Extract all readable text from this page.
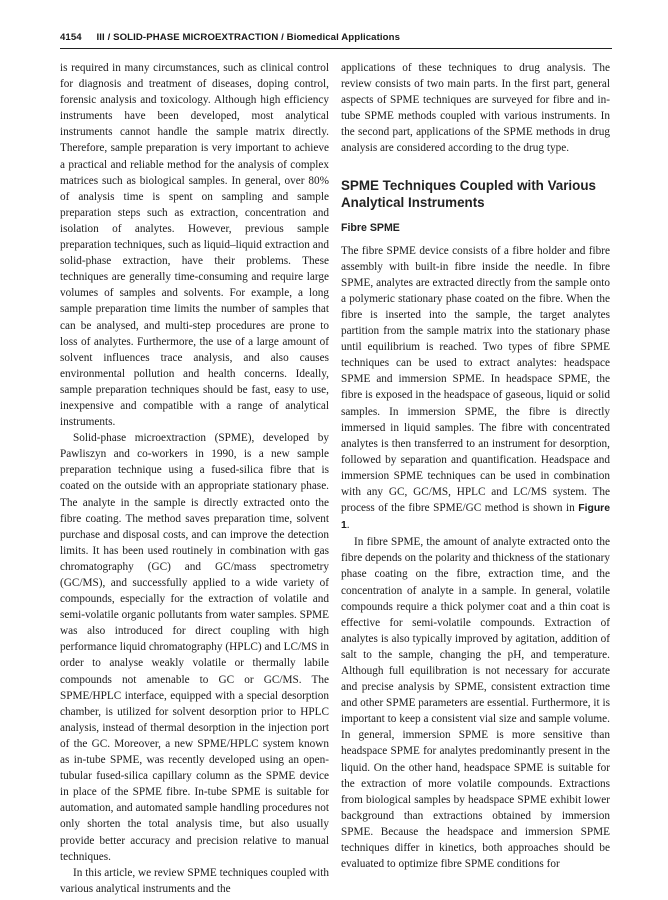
4154 III / SOLID-PHASE MICROEXTRACTION / Biomedical Applications

is required in many circumstances, such as clinical control for diagnosis and treatment of diseases, doping control, forensic analysis and toxicology. Although high efficiency instruments have been developed, most analytical instruments cannot handle the sample matrix directly. Therefore, sample preparation is very important to achieve a practical and reliable method for the analysis of complex matrices such as biological samples. In general, over 80% of analysis time is spent on sampling and sample preparation steps such as extraction, concentration and isolation of analytes. However, previous sample preparation techniques, such as liquid–liquid extraction and solid-phase extraction, have their problems. These techniques are generally time-consuming and require large volumes of samples and solvents. For example, a long sample preparation time limits the number of samples that can be analysed, and multi-step procedures are prone to loss of analytes. Furthermore, the use of a large amount of solvent influences trace analysis, and also causes environmental pollution and health concerns. Ideally, sample preparation techniques should be fast, easy to use, inexpensive and compatible with a range of analytical instruments.

Solid-phase microextraction (SPME), developed by Pawliszyn and co-workers in 1990, is a new sample preparation technique using a fused-silica fibre that is coated on the outside with an appropriate stationary phase. The analyte in the sample is directly extracted onto the fibre coating. The method saves preparation time, solvent purchase and disposal costs, and can improve the detection limits. It has been used routinely in combination with gas chromatography (GC) and GC/mass spectrometry (GC/MS), and successfully applied to a wide variety of compounds, especially for the extraction of volatile and semi-volatile organic pollutants from water samples. SPME was also introduced for direct coupling with high performance liquid chromatography (HPLC) and LC/MS in order to analyse weakly volatile or thermally labile compounds not amenable to GC or GC/MS. The SPME/HPLC interface, equipped with a special desorption chamber, is utilized for solvent desorption prior to HPLC analysis, instead of thermal desorption in the injection port of the GC. Moreover, a new SPME/HPLC system known as in-tube SPME, was recently developed using an open-tubular fused-silica capillary column as the SPME device in place of the SPME fibre. In-tube SPME is suitable for automation, and automated sample handling procedures not only shorten the total analysis time, but also usually provide better accuracy and precision relative to manual techniques.

In this article, we review SPME techniques coupled with various analytical instruments and the

applications of these techniques to drug analysis. The review consists of two main parts. In the first part, general aspects of SPME techniques are surveyed for fibre and in-tube SPME methods coupled with various instruments. In the second part, applications of the SPME methods in drug analysis are considered according to the drug type.

SPME Techniques Coupled with Various Analytical Instruments
Fibre SPME

The fibre SPME device consists of a fibre holder and fibre assembly with built-in fibre inside the needle. In fibre SPME, analytes are extracted directly from the sample onto a polymeric stationary phase coated on the fibre. When the fibre is inserted into the sample, the target analytes partition from the sample matrix into the stationary phase until equilibrium is reached. Two types of fibre SPME techniques can be used to extract analytes: headspace SPME and immersion SPME. In headspace SPME, the fibre is exposed in the headspace of gaseous, liquid or solid samples. In immersion SPME, the fibre is directly immersed in liquid samples. The fibre with concentrated analytes is then transferred to an instrument for desorption, followed by separation and quantification. Headspace and immersion SPME techniques can be used in combination with any GC, GC/MS, HPLC and LC/MS system. The process of the fibre SPME/GC method is shown in Figure 1.

In fibre SPME, the amount of analyte extracted onto the fibre depends on the polarity and thickness of the stationary phase coating on the fibre, extraction time, and the concentration of analyte in a sample. In general, volatile compounds require a thick polymer coat and a thin coat is effective for semi-volatile compounds. Extraction of analytes is also typically improved by agitation, addition of salt to the sample, changing the pH, and temperature. Although full equilibration is not necessary for accurate and precise analysis by SPME, consistent extraction time and other SPME parameters are essential. Furthermore, it is important to keep a consistent vial size and sample volume. In general, immersion SPME is more sensitive than headspace SPME for analytes predominantly present in the liquid. On the other hand, headspace SPME is suitable for the extraction of more volatile compounds. Extractions from biological samples by headspace SPME exhibit lower background than extractions obtained by immersion SPME. Because the headspace and immersion SPME techniques differ in kinetics, both approaches should be evaluated to optimize fibre SPME conditions for
